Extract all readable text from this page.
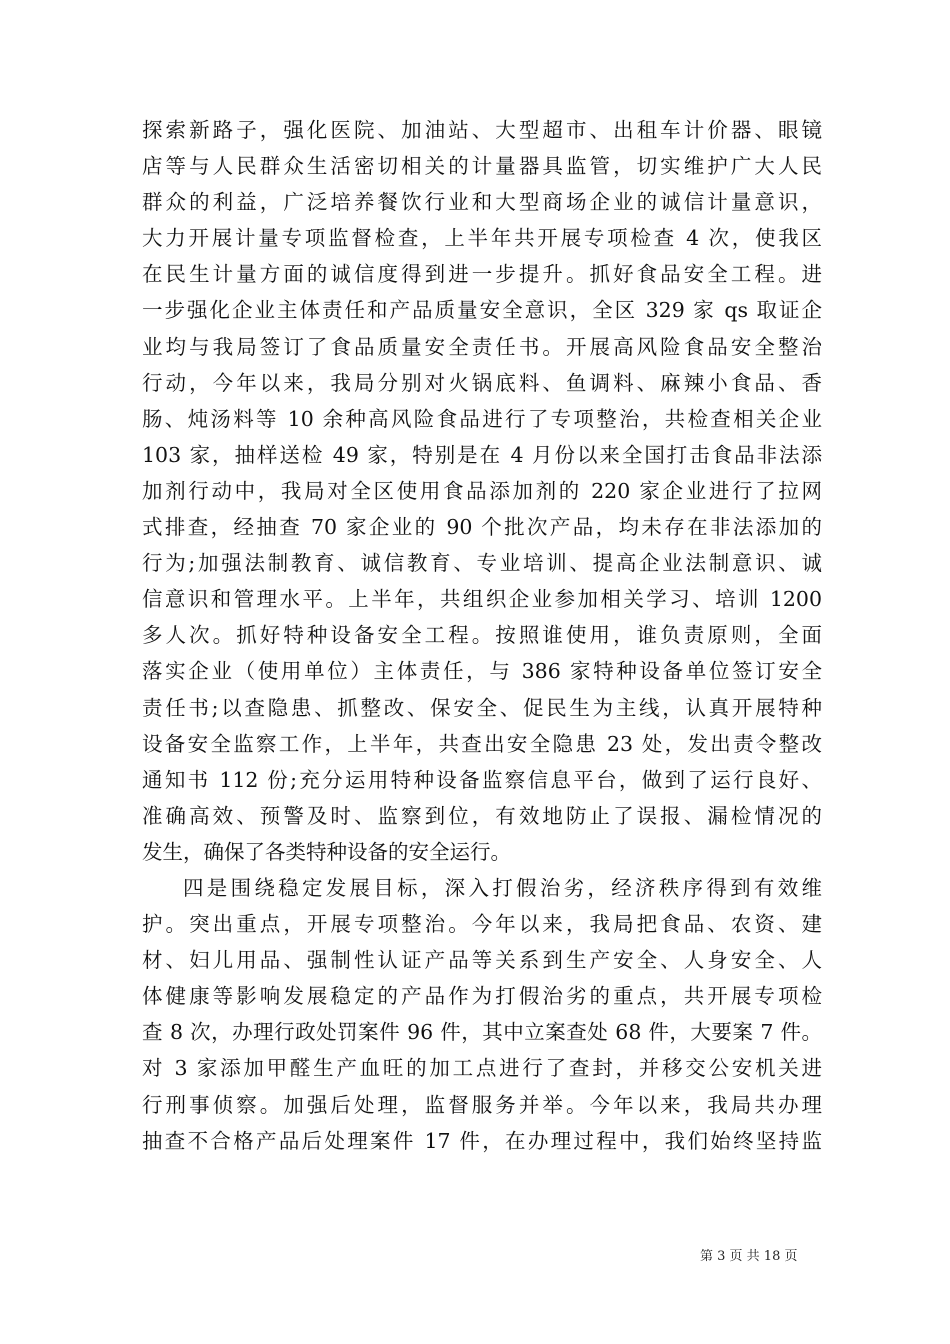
探索新路子，强化医院、加油站、大型超市、出租车计价器、眼镜
店等与人民群众生活密切相关的计量器具监管，切实维护广大人民
群众的利益，广泛培养餐饮行业和大型商场企业的诚信计量意识，
大力开展计量专项监督检查，上半年共开展专项检查 4 次，使我区
在民生计量方面的诚信度得到进一步提升。抓好食品安全工程。进
一步强化企业主体责任和产品质量安全意识，全区 329 家 qs 取证企
业均与我局签订了食品质量安全责任书。开展高风险食品安全整治
行动，今年以来，我局分别对火锅底料、鱼调料、麻辣小食品、香
肠、炖汤料等 10 余种高风险食品进行了专项整治，共检查相关企业
103 家，抽样送检 49 家，特别是在 4 月份以来全国打击食品非法添
加剂行动中，我局对全区使用食品添加剂的 220 家企业进行了拉网
式排查，经抽查 70 家企业的 90 个批次产品，均未存在非法添加的
行为;加强法制教育、诚信教育、专业培训、提高企业法制意识、诚
信意识和管理水平。上半年，共组织企业参加相关学习、培训 1200
多人次。抓好特种设备安全工程。按照谁使用，谁负责原则，全面
落实企业（使用单位）主体责任，与 386 家特种设备单位签订安全
责任书;以查隐患、抓整改、保安全、促民生为主线，认真开展特种
设备安全监察工作，上半年，共查出安全隐患 23 处，发出责令整改
通知书 112 份;充分运用特种设备监察信息平台，做到了运行良好、
准确高效、预警及时、监察到位，有效地防止了误报、漏检情况的
发生，确保了各类特种设备的安全运行。
四是围绕稳定发展目标，深入打假治劣，经济秩序得到有效维
护。突出重点，开展专项整治。今年以来，我局把食品、农资、建
材、妇儿用品、强制性认证产品等关系到生产安全、人身安全、人
体健康等影响发展稳定的产品作为打假治劣的重点，共开展专项检
查 8 次，办理行政处罚案件 96 件，其中立案查处 68 件，大要案 7 件。
对 3 家添加甲醛生产血旺的加工点进行了查封，并移交公安机关进
行刑事侦察。加强后处理，监督服务并举。今年以来，我局共办理
抽查不合格产品后处理案件 17 件，在办理过程中，我们始终坚持监
第 3 页 共 18 页
